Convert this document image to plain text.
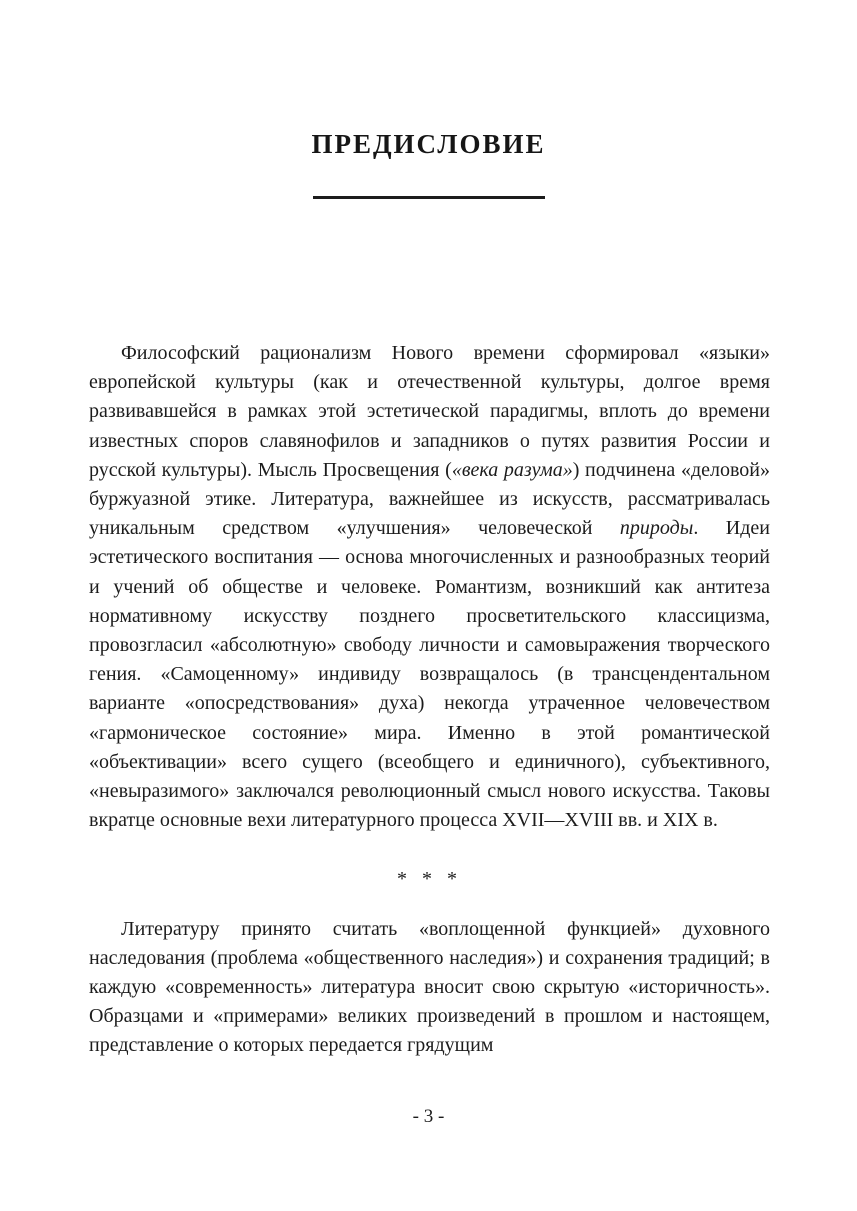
ПРЕДИСЛОВИЕ

Философский рационализм Нового времени сформировал «языки» европейской культуры (как и отечественной культуры, долгое время развивавшейся в рамках этой эстетической парадигмы, вплоть до времени известных споров славянофилов и западников о путях развития России и русской культуры). Мысль Просвещения («века разума») подчинена «деловой» буржуазной этике. Литература, важнейшее из искусств, рассматривалась уникальным средством «улучшения» человеческой природы. Идеи эстетического воспитания — основа многочисленных и разнообразных теорий и учений об обществе и человеке. Романтизм, возникший как антитеза нормативному искусству позднего просветительского классицизма, провозгласил «абсолютную» свободу личности и самовыражения творческого гения. «Самоценному» индивиду возвращалось (в трансцендентальном варианте «опосредствования» духа) некогда утраченное человечеством «гармоническое состояние» мира. Именно в этой романтической «объективации» всего сущего (всеобщего и единичного), субъективного, «невыразимого» заключался революционный смысл нового искусства. Таковы вкратце основные вехи литературного процесса XVII—XVIII вв. и XIX в.

* * *

Литературу принято считать «воплощенной функцией» духовного наследования (проблема «общественного наследия») и сохранения традиций; в каждую «современность» литература вносит свою скрытую «историчность». Образцами и «примерами» великих произведений в прошлом и настоящем, представление о которых передается грядущим

- 3 -
